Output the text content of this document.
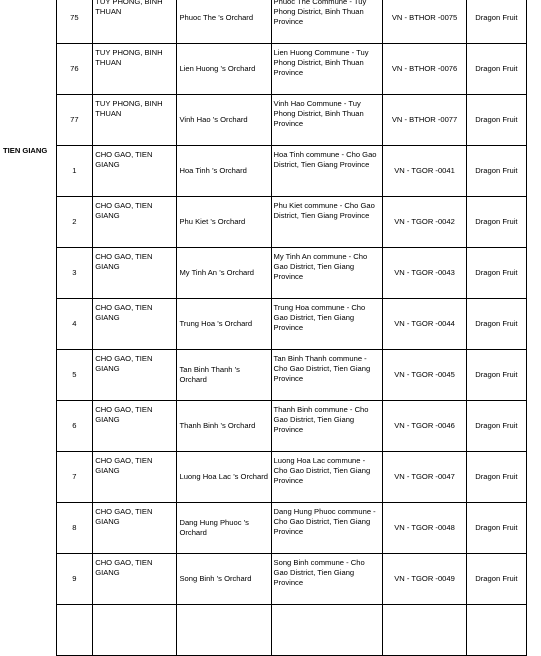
	75	TUY PHONG, BINH THUAN	Phuoc The ’s Orchard	Phuoc The Commune - Tuy Phong District, Binh Thuan Province	VN - BTHOR -0075	Dragon Fruit	
	76	TUY PHONG, BINH THUAN	Lien Huong ’s Orchard	Lien Huong Commune - Tuy Phong District, Binh Thuan Province	VN - BTHOR -0076	Dragon Fruit	
	77	TUY PHONG, BINH THUAN	Vinh Hao ’s Orchard	Vinh Hao Commune - Tuy Phong District, Binh Thuan Province	VN - BTHOR -0077	Dragon Fruit	
TIEN GIANG	1	CHO GAO, TIEN GIANG	Hoa Tinh ’s Orchard	Hoa Tinh commune - Cho Gao District, Tien Giang Province	VN - TGOR -0041	Dragon Fruit	
	2	CHO GAO, TIEN GIANG	Phu Kiet ’s Orchard	Phu Kiet commune - Cho Gao District, Tien Giang Province	VN - TGOR -0042	Dragon Fruit	
	3	CHO GAO, TIEN GIANG	My Tinh An ’s Orchard	My Tinh An commune - Cho Gao District, Tien Giang Province	VN - TGOR -0043	Dragon Fruit	
	4	CHO GAO, TIEN GIANG	Trung Hoa ’s Orchard	Trung Hoa commune - Cho Gao District, Tien Giang Province	VN - TGOR -0044	Dragon Fruit	
	5	CHO GAO, TIEN GIANG	Tan Binh Thanh ’s Orchard	Tan Binh Thanh commune - Cho Gao District, Tien Giang Province	VN - TGOR -0045	Dragon Fruit	
	6	CHO GAO, TIEN GIANG	Thanh Binh ’s Orchard	Thanh Binh commune - Cho Gao District, Tien Giang Province	VN - TGOR -0046	Dragon Fruit	
	7	CHO GAO, TIEN GIANG	Luong Hoa Lac ’s Orchard	Luong Hoa Lac commune - Cho Gao District, Tien Giang Province	VN - TGOR -0047	Dragon Fruit	
	8	CHO GAO, TIEN GIANG	Dang Hung Phuoc ’s Orchard	Dang Hung Phuoc commune - Cho Gao District, Tien Giang Province	VN - TGOR -0048	Dragon Fruit	
	9	CHO GAO, TIEN GIANG	Song Binh ’s Orchard	Song Binh commune - Cho Gao District, Tien Giang Province	VN - TGOR -0049	Dragon Fruit	
